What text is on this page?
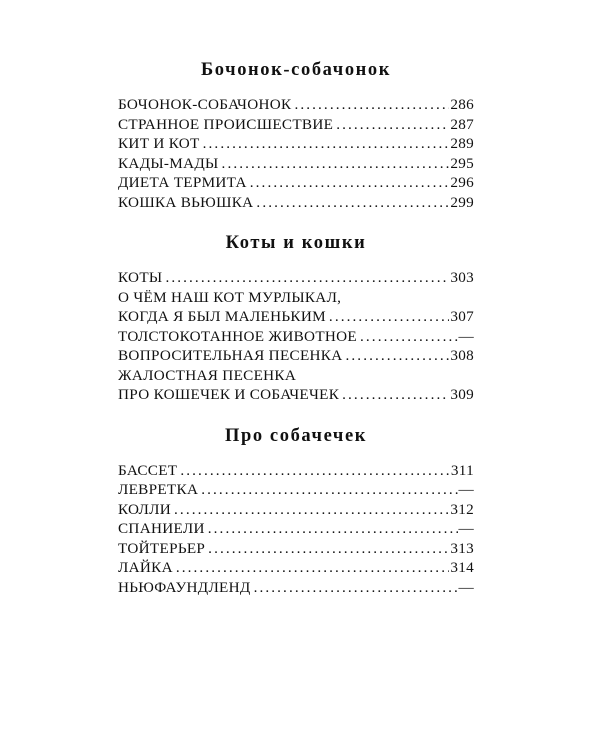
Бочонок-собачонок
БОЧОНОК-СОБАЧОНОК .....	286
СТРАННОЕ ПРОИСШЕСТВИЕ .....	287
КИТ И КОТ .....	289
КАДЫ-МАДЫ .....	295
ДИЕТА ТЕРМИТА .....	296
КОШКА ВЬЮШКА .....	299
Коты и кошки
КОТЫ .....	303
О ЧЁМ НАШ КОТ МУРЛЫКАЛ,
КОГДА Я БЫЛ МАЛЕНЬКИМ .....	307
ТОЛСТОКОТАННОЕ ЖИВОТНОЕ .....	—
ВОПРОСИТЕЛЬНАЯ ПЕСЕНКА .....	308
ЖАЛОСТНАЯ ПЕСЕНКА
ПРО КОШЕЧЕК И СОБАЧЕЧЕК .....	309
Про собачечек
БАССЕТ .....	311
ЛЕВРЕТКА .....	—
КОЛЛИ .....	312
СПАНИЕЛИ .....	—
ТОЙТЕРЬЕР .....	313
ЛАЙКА .....	314
НЬЮФАУНДЛЕНД .....	—
